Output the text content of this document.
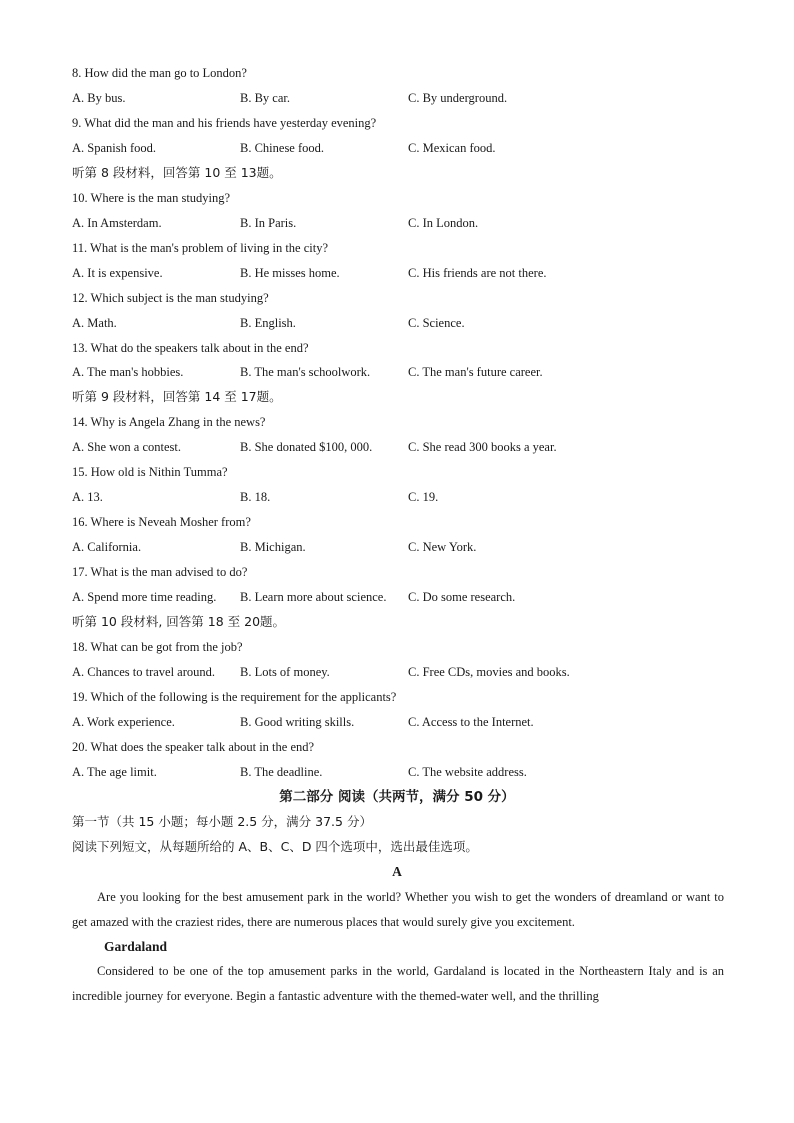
8. How did the man go to London?
A. By bus.	B. By car.	C. By underground.
9. What did the man and his friends have yesterday evening?
A. Spanish food.	B. Chinese food.	C. Mexican food.
听第 8 段材料，回答第 10 至 13题。
10. Where is the man studying?
A. In Amsterdam.	B. In Paris.	C. In London.
11. What is the man's problem of living in the city?
A. It is expensive.	B. He misses home.	C. His friends are not there.
12. Which subject is the man studying?
A. Math.	B. English.	C. Science.
13. What do the speakers talk about in the end?
A. The man's hobbies.	B. The man's schoolwork.	C. The man's future career.
听第 9 段材料，回答第 14 至 17题。
14. Why is Angela Zhang in the news?
A. She won a contest.	B. She donated $100, 000.	C. She read 300 books a year.
15. How old is Nithin Tumma?
A. 13.	B. 18.	C. 19.
16. Where is Neveah Mosher from?
A. California.	B. Michigan.	C. New York.
17. What is the man advised to do?
A. Spend more time reading. B. Learn more about science. C. Do some research.
听第 10 段材料, 回答第 18 至 20题。
18. What can be got from the job?
A. Chances to travel around. B. Lots of money.	C. Free CDs, movies and books.
19. Which of the following is the requirement for the applicants?
A. Work experience.	B. Good writing skills.	C. Access to the Internet.
20. What does the speaker talk about in the end?
A. The age limit.	B. The deadline.	C. The website address.
第二部分 阅读（共两节，满分 50 分）
第一节（共 15 小题；每小题 2.5 分，满分 37.5 分）
阅读下列短文，从每题所给的 A、B、C、D 四个选项中，选出最佳选项。
A
Are you looking for the best amusement park in the world? Whether you wish to get the wonders of dreamland or want to get amazed with the craziest rides, there are numerous places that would surely give you excitement.
Gardaland
Considered to be one of the top amusement parks in the world, Gardaland is located in the Northeastern Italy and is an incredible journey for everyone. Begin a fantastic adventure with the themed-water well, and the thrilling
